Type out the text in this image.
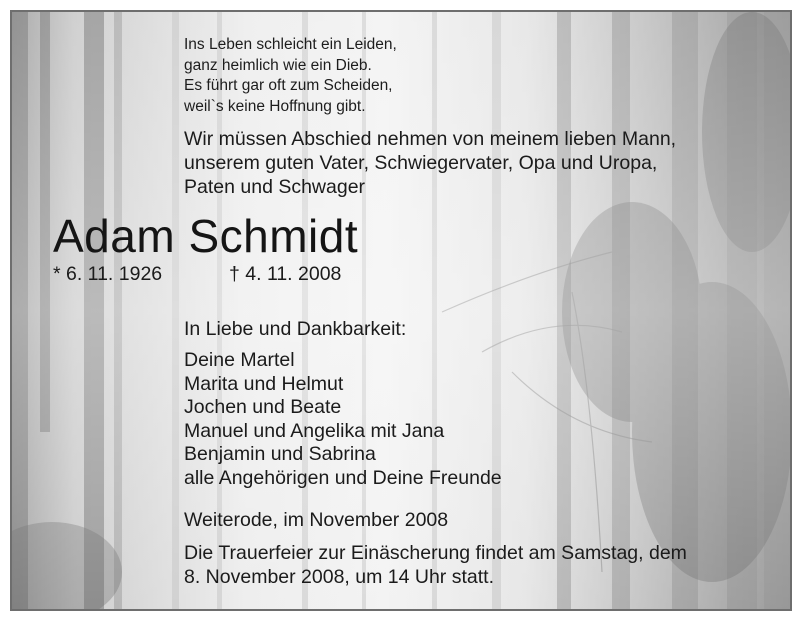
Ins Leben schleicht ein Leiden,
ganz heimlich wie ein Dieb.
Es führt gar oft zum Scheiden,
weil`s keine Hoffnung gibt.
Wir müssen Abschied nehmen von meinem lieben Mann,
unserem guten Vater, Schwiegervater, Opa und Uropa,
Paten und Schwager
Adam Schmidt
* 6. 11. 1926	† 4. 11. 2008
In Liebe und Dankbarkeit:
Deine Martel
Marita und Helmut
Jochen und Beate
Manuel und Angelika mit Jana
Benjamin und Sabrina
alle Angehörigen und Deine Freunde
Weiterode, im November 2008
Die Trauerfeier zur Einäscherung findet am Samstag, dem
8. November 2008, um 14 Uhr statt.
